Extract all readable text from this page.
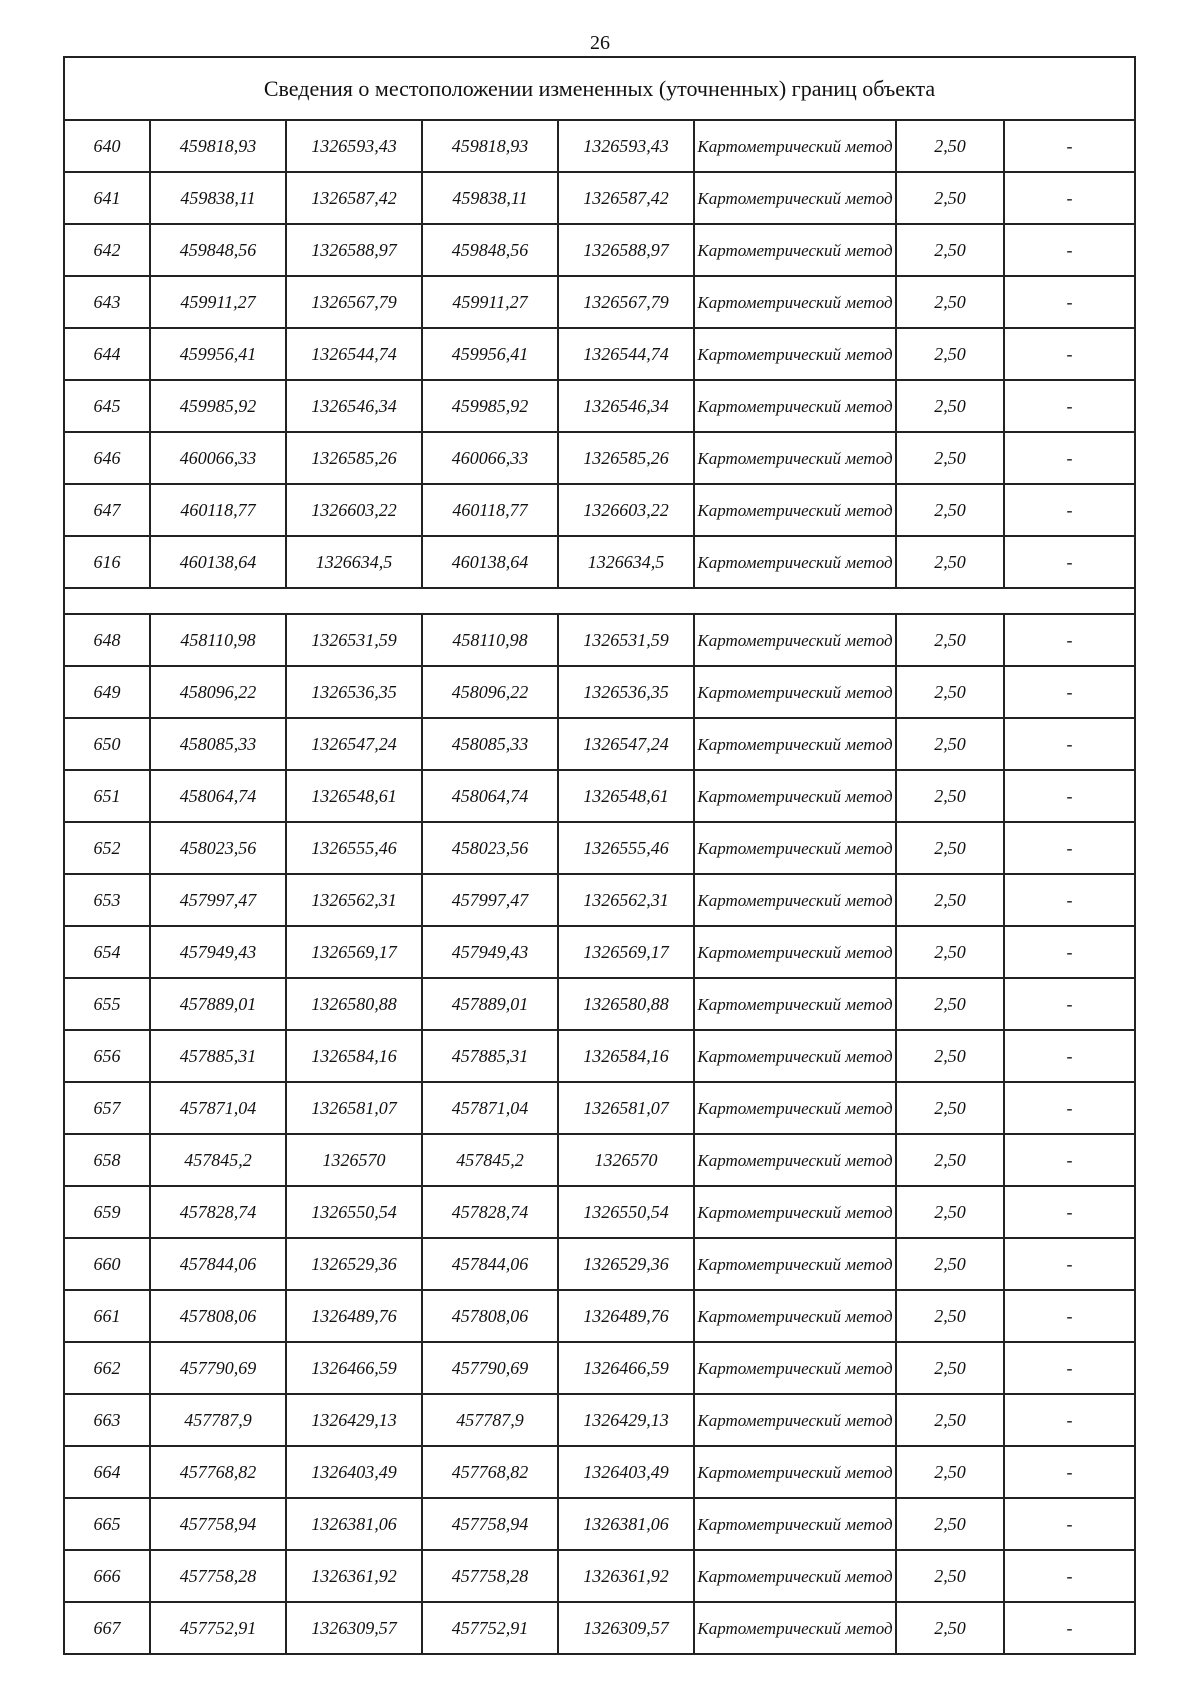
26
Сведения о местоположении измененных (уточненных) границ объекта							
640	459818,93	1326593,43	459818,93	1326593,43	Картометрический метод	2,50	-
641	459838,11	1326587,42	459838,11	1326587,42	Картометрический метод	2,50	-
642	459848,56	1326588,97	459848,56	1326588,97	Картометрический метод	2,50	-
643	459911,27	1326567,79	459911,27	1326567,79	Картометрический метод	2,50	-
644	459956,41	1326544,74	459956,41	1326544,74	Картометрический метод	2,50	-
645	459985,92	1326546,34	459985,92	1326546,34	Картометрический метод	2,50	-
646	460066,33	1326585,26	460066,33	1326585,26	Картометрический метод	2,50	-
647	460118,77	1326603,22	460118,77	1326603,22	Картометрический метод	2,50	-
616	460138,64	1326634,5	460138,64	1326634,5	Картометрический метод	2,50	-

648	458110,98	1326531,59	458110,98	1326531,59	Картометрический метод	2,50	-
649	458096,22	1326536,35	458096,22	1326536,35	Картометрический метод	2,50	-
650	458085,33	1326547,24	458085,33	1326547,24	Картометрический метод	2,50	-
651	458064,74	1326548,61	458064,74	1326548,61	Картометрический метод	2,50	-
652	458023,56	1326555,46	458023,56	1326555,46	Картометрический метод	2,50	-
653	457997,47	1326562,31	457997,47	1326562,31	Картометрический метод	2,50	-
654	457949,43	1326569,17	457949,43	1326569,17	Картометрический метод	2,50	-
655	457889,01	1326580,88	457889,01	1326580,88	Картометрический метод	2,50	-
656	457885,31	1326584,16	457885,31	1326584,16	Картометрический метод	2,50	-
657	457871,04	1326581,07	457871,04	1326581,07	Картометрический метод	2,50	-
658	457845,2	1326570	457845,2	1326570	Картометрический метод	2,50	-
659	457828,74	1326550,54	457828,74	1326550,54	Картометрический метод	2,50	-
660	457844,06	1326529,36	457844,06	1326529,36	Картометрический метод	2,50	-
661	457808,06	1326489,76	457808,06	1326489,76	Картометрический метод	2,50	-
662	457790,69	1326466,59	457790,69	1326466,59	Картометрический метод	2,50	-
663	457787,9	1326429,13	457787,9	1326429,13	Картометрический метод	2,50	-
664	457768,82	1326403,49	457768,82	1326403,49	Картометрический метод	2,50	-
665	457758,94	1326381,06	457758,94	1326381,06	Картометрический метод	2,50	-
666	457758,28	1326361,92	457758,28	1326361,92	Картометрический метод	2,50	-
667	457752,91	1326309,57	457752,91	1326309,57	Картометрический метод	2,50	-
